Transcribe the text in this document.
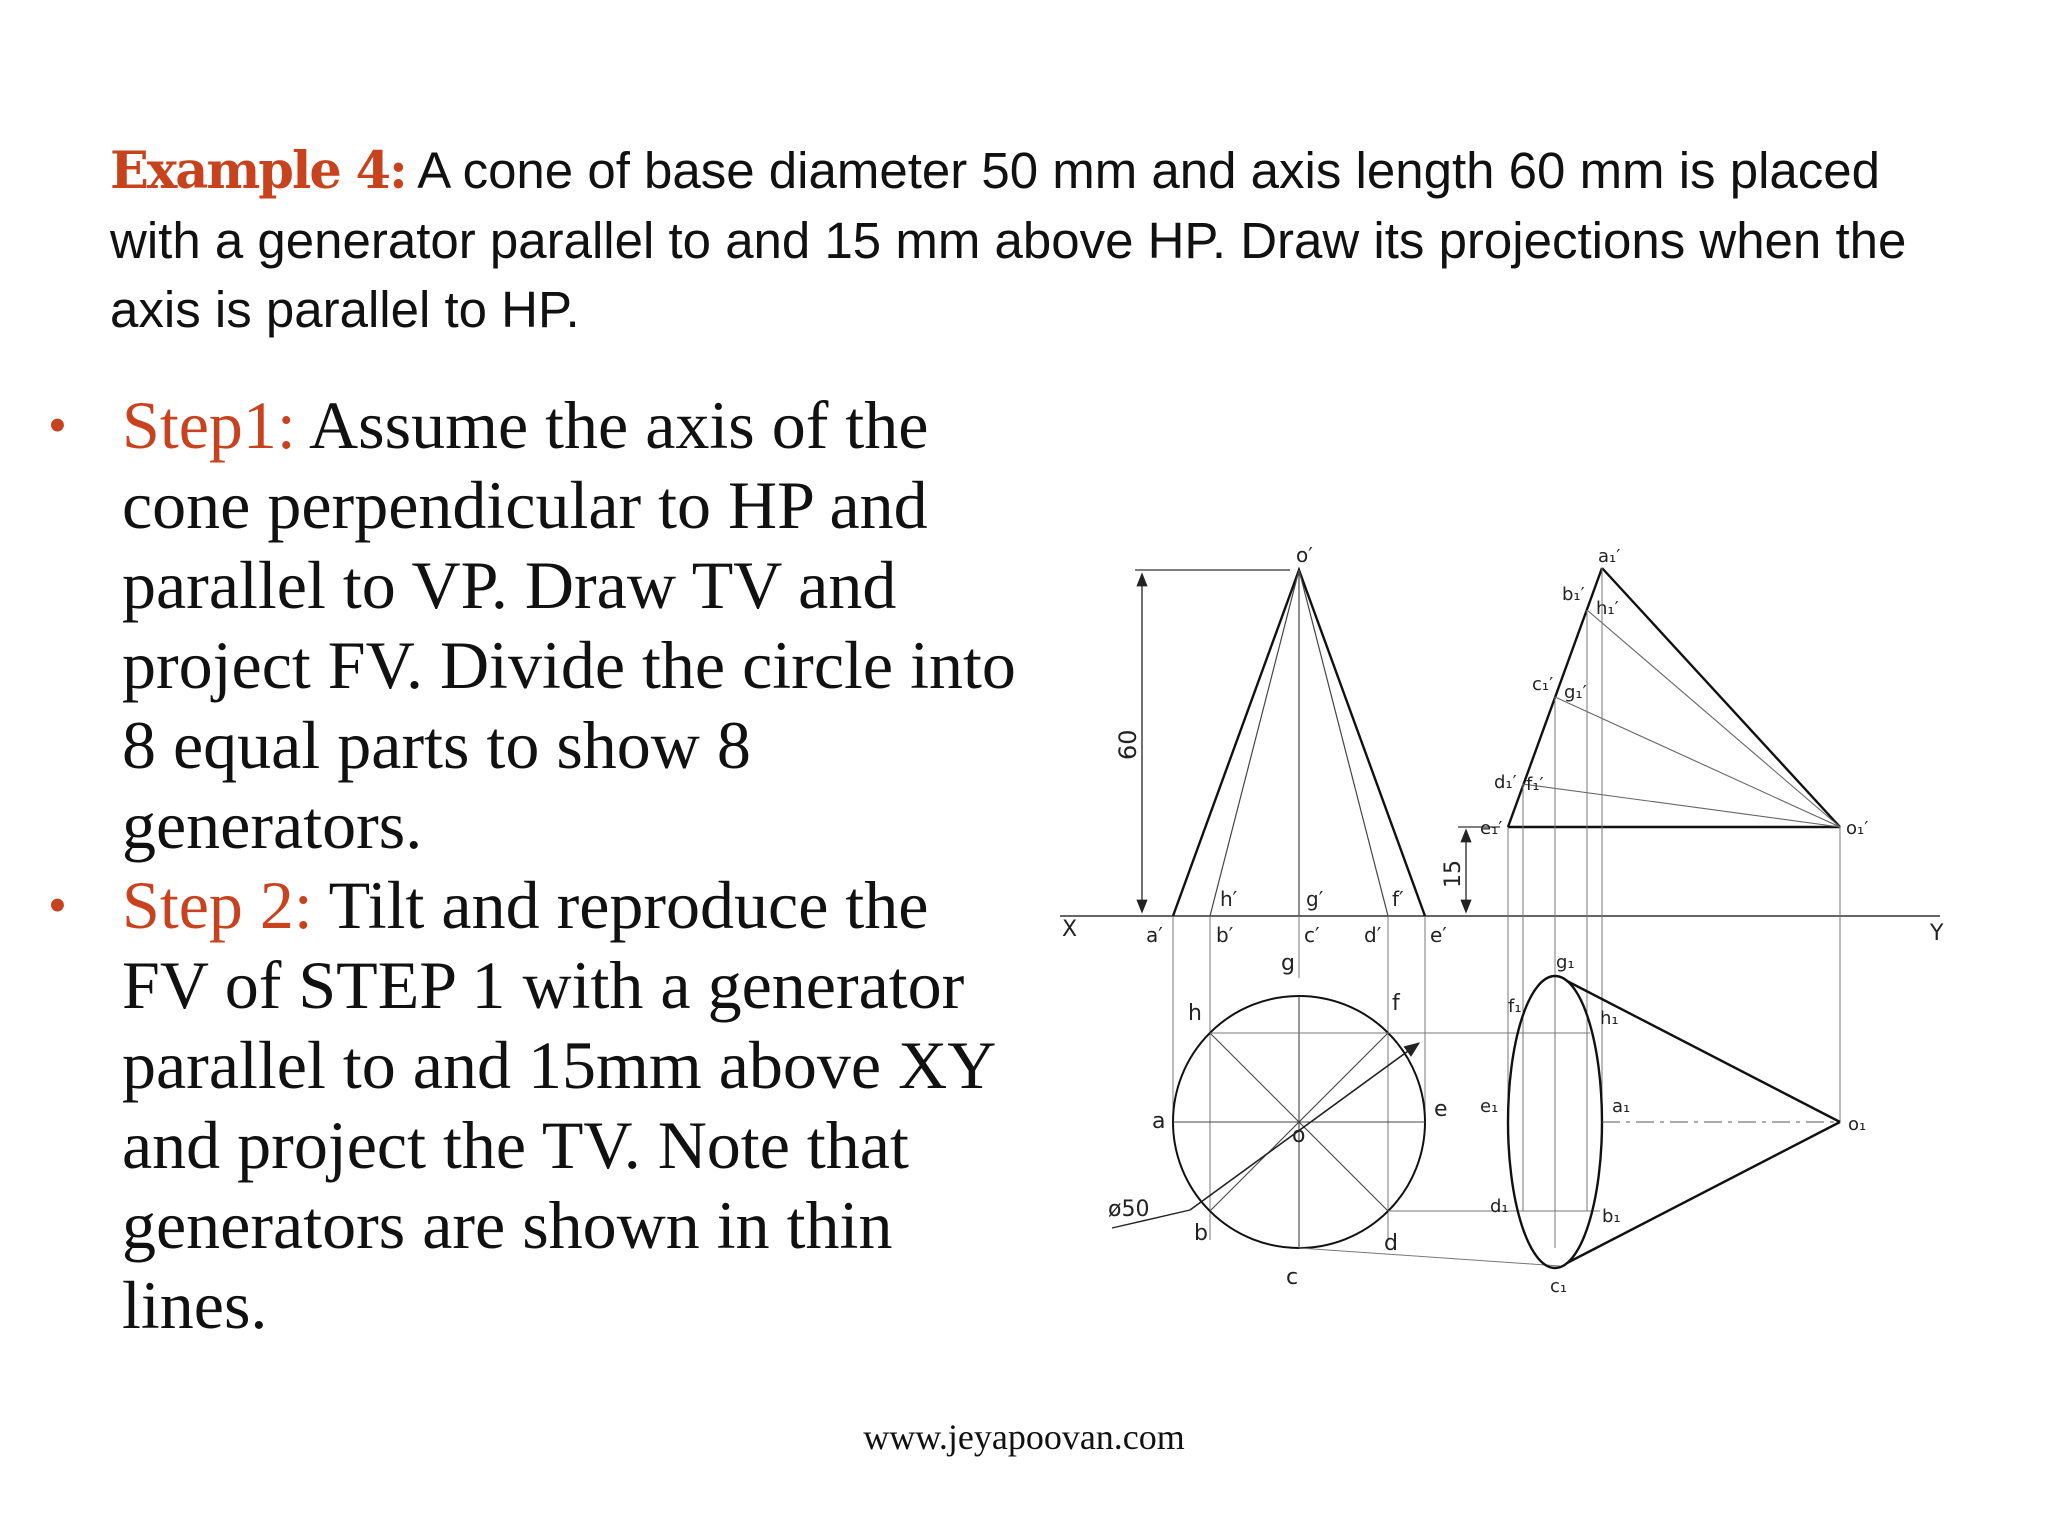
Example 4: A cone of base diameter 50 mm and axis length 60 mm is placed with a generator parallel to and 15 mm above HP. Draw its projections when the axis is parallel to HP.
• Step1: Assume the axis of the cone perpendicular to HP and parallel to VP. Draw TV and project FV. Divide the circle into 8 equal parts to show 8 generators.
• Step 2: Tilt and reproduce the FV of STEP 1 with a generator parallel to and 15mm above XY and project the TV. Note that generators are shown in thin lines.
X	Y
60
o′
a′	b′	c′ d′ e′
h′	g′	f′
ø50
g
h	f
a	e
o
b	d
c
15
a₁′
b₁′
h₁′
c₁′ g₁′
d₁′ f₁′
e₁′	o₁′
g₁
h₁
f₁
e₁	a₁
d₁	b₁
c₁
o₁
www.jeyapoovan.com
